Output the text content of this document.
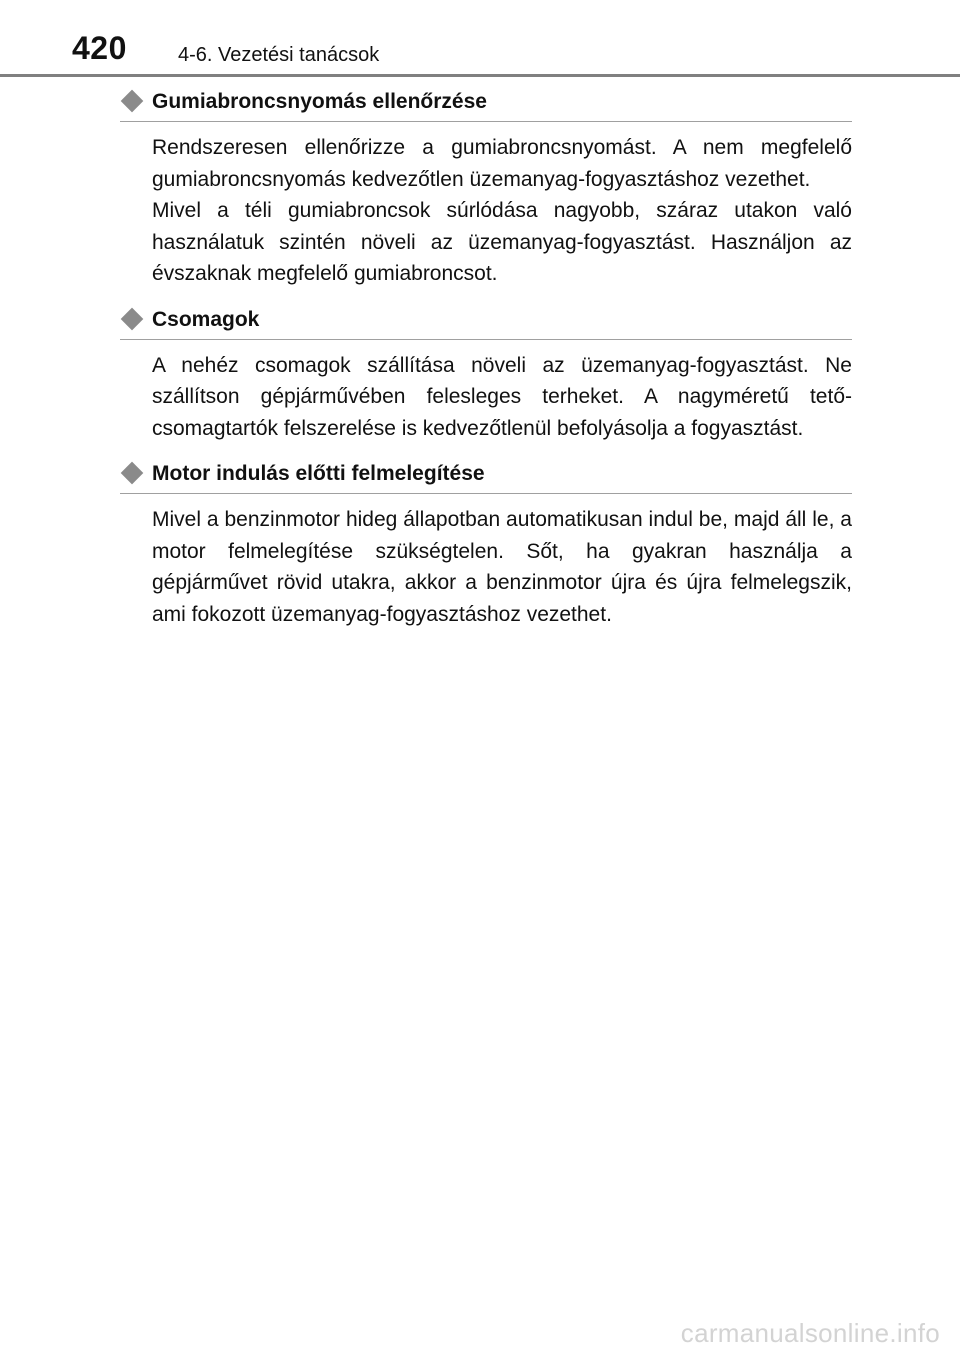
420	4-6. Vezetési tanácsok
Gumiabroncsnyomás ellenőrzése

Rendszeresen ellenőrizze a gumiabroncsnyomást. A nem megfelelő gumiabroncsnyomás kedvezőtlen üzemanyag-fogyasztáshoz vezethet.

Mivel a téli gumiabroncsok súrlódása nagyobb, száraz utakon való használatuk szintén növeli az üzemanyag-fogyasztást. Használjon az évszaknak megfelelő gumiabroncsot.

Csomagok

A nehéz csomagok szállítása növeli az üzemanyag-fogyasztást. Ne szállítson gépjárművében felesleges terheket. A nagyméretű tetőcsomagtartók felszerelése is kedvezőtlenül befolyásolja a fogyasztást.

Motor indulás előtti felmelegítése

Mivel a benzinmotor hideg állapotban automatikusan indul be, majd áll le, a motor felmelegítése szükségtelen. Sőt, ha gyakran használja a gépjárművet rövid utakra, akkor a benzinmotor újra és újra felmelegszik, ami fokozott üzemanyag-fogyasztáshoz vezethet.

carmanualsonline.info
